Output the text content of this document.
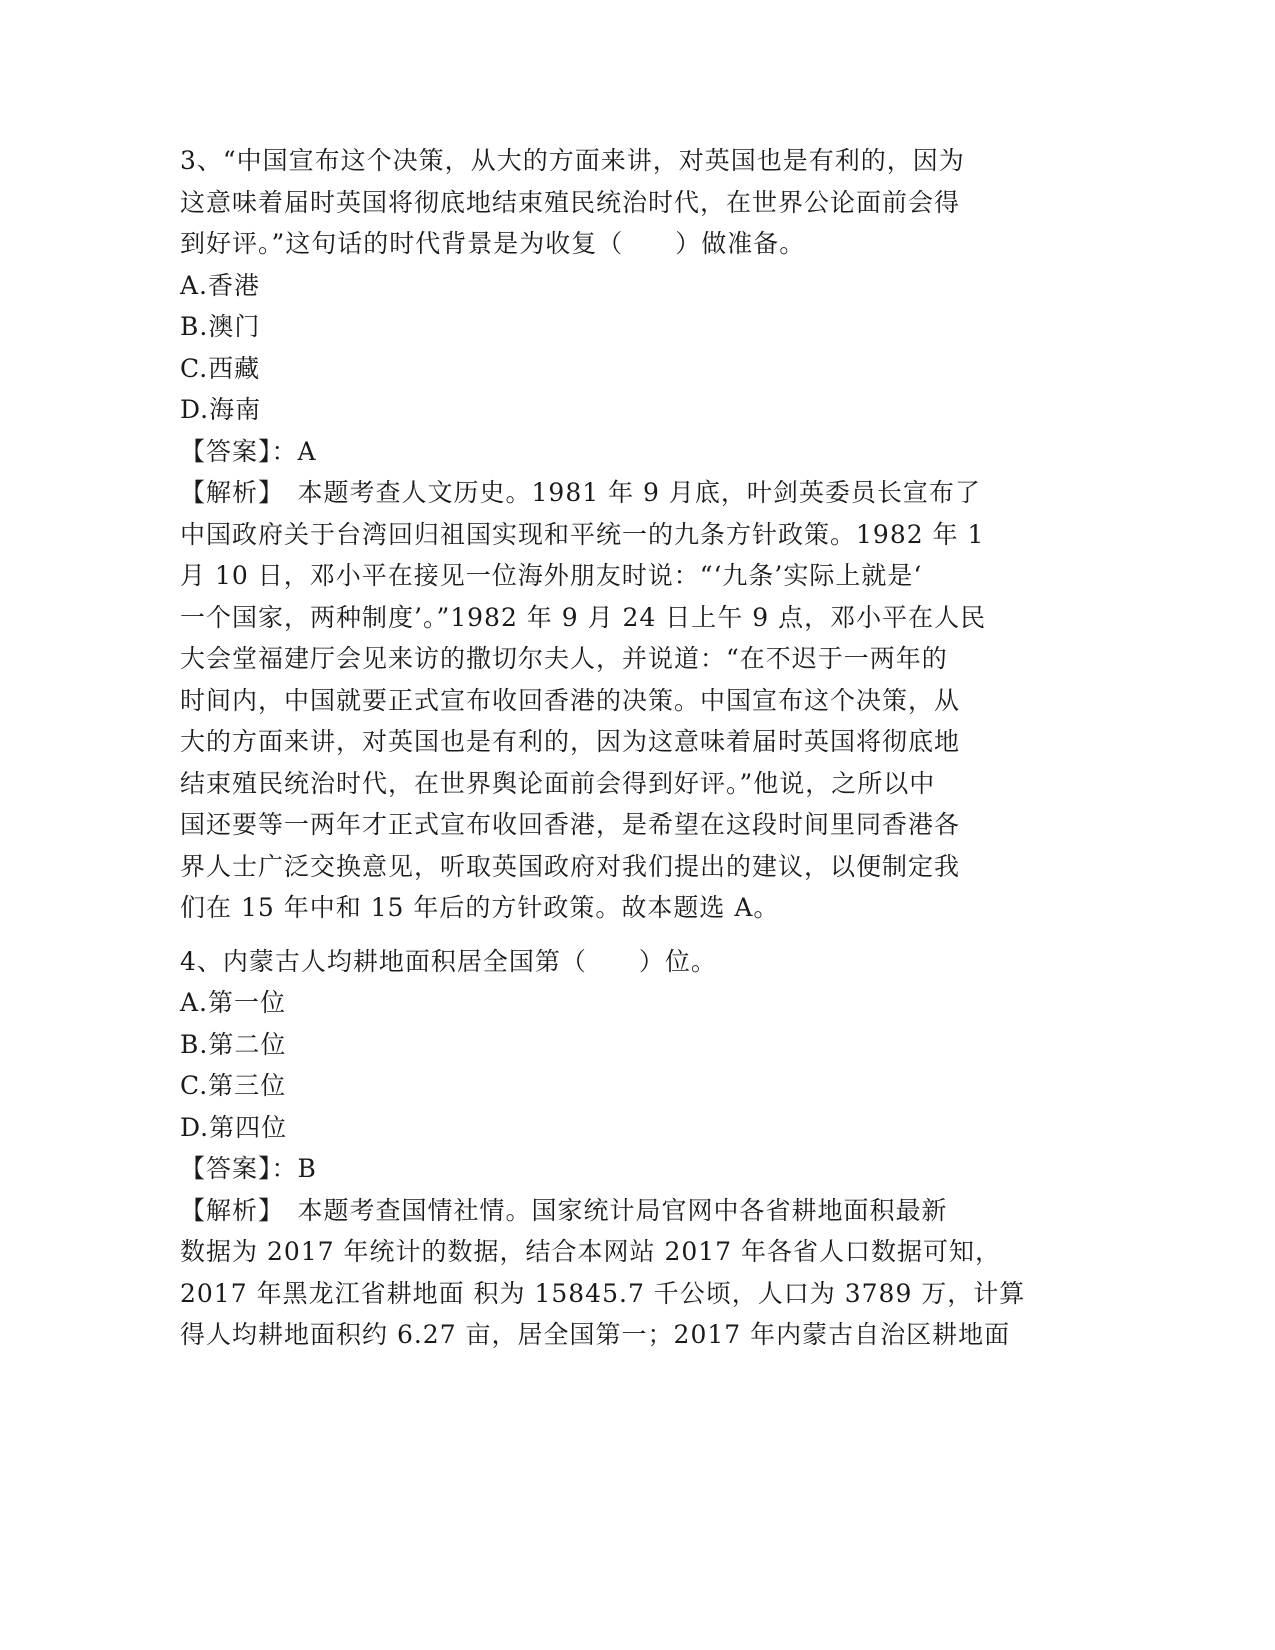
3、“中国宣布这个决策，从大的方面来讲，对英国也是有利的，因为
这意味着届时英国将彻底地结束殖民统治时代，在世界公论面前会得
到好评。”这句话的时代背景是为收复（　　）做准备。
A.香港
B.澳门
C.西藏
D.海南
【答案】：A
【解析】　本题考查人文历史。1981 年 9 月底，叶剑英委员长宣布了
中国政府关于台湾回归祖国实现和平统一的九条方针政策。1982 年 1
月 10 日，邓小平在接见一位海外朋友时说：“‘九条’实际上就是‘
一个国家，两种制度’。”1982 年 9 月 24 日上午 9 点，邓小平在人民
大会堂福建厅会见来访的撒切尔夫人，并说道：“在不迟于一两年的
时间内，中国就要正式宣布收回香港的决策。中国宣布这个决策，从
大的方面来讲，对英国也是有利的，因为这意味着届时英国将彻底地
结束殖民统治时代，在世界舆论面前会得到好评。”他说，之所以中
国还要等一两年才正式宣布收回香港，是希望在这段时间里同香港各
界人士广泛交换意见，听取英国政府对我们提出的建议，以便制定我
们在 15 年中和 15 年后的方针政策。故本题选 A。
4、内蒙古人均耕地面积居全国第（　　）位。
A.第一位
B.第二位
C.第三位
D.第四位
【答案】：B
【解析】　本题考查国情社情。国家统计局官网中各省耕地面积最新
数据为 2017 年统计的数据，结合本网站 2017 年各省人口数据可知，
2017 年黑龙江省耕地面 积为 15845.7 千公顷，人口为 3789 万，计算
得人均耕地面积约 6.27 亩，居全国第一；2017 年内蒙古自治区耕地面
